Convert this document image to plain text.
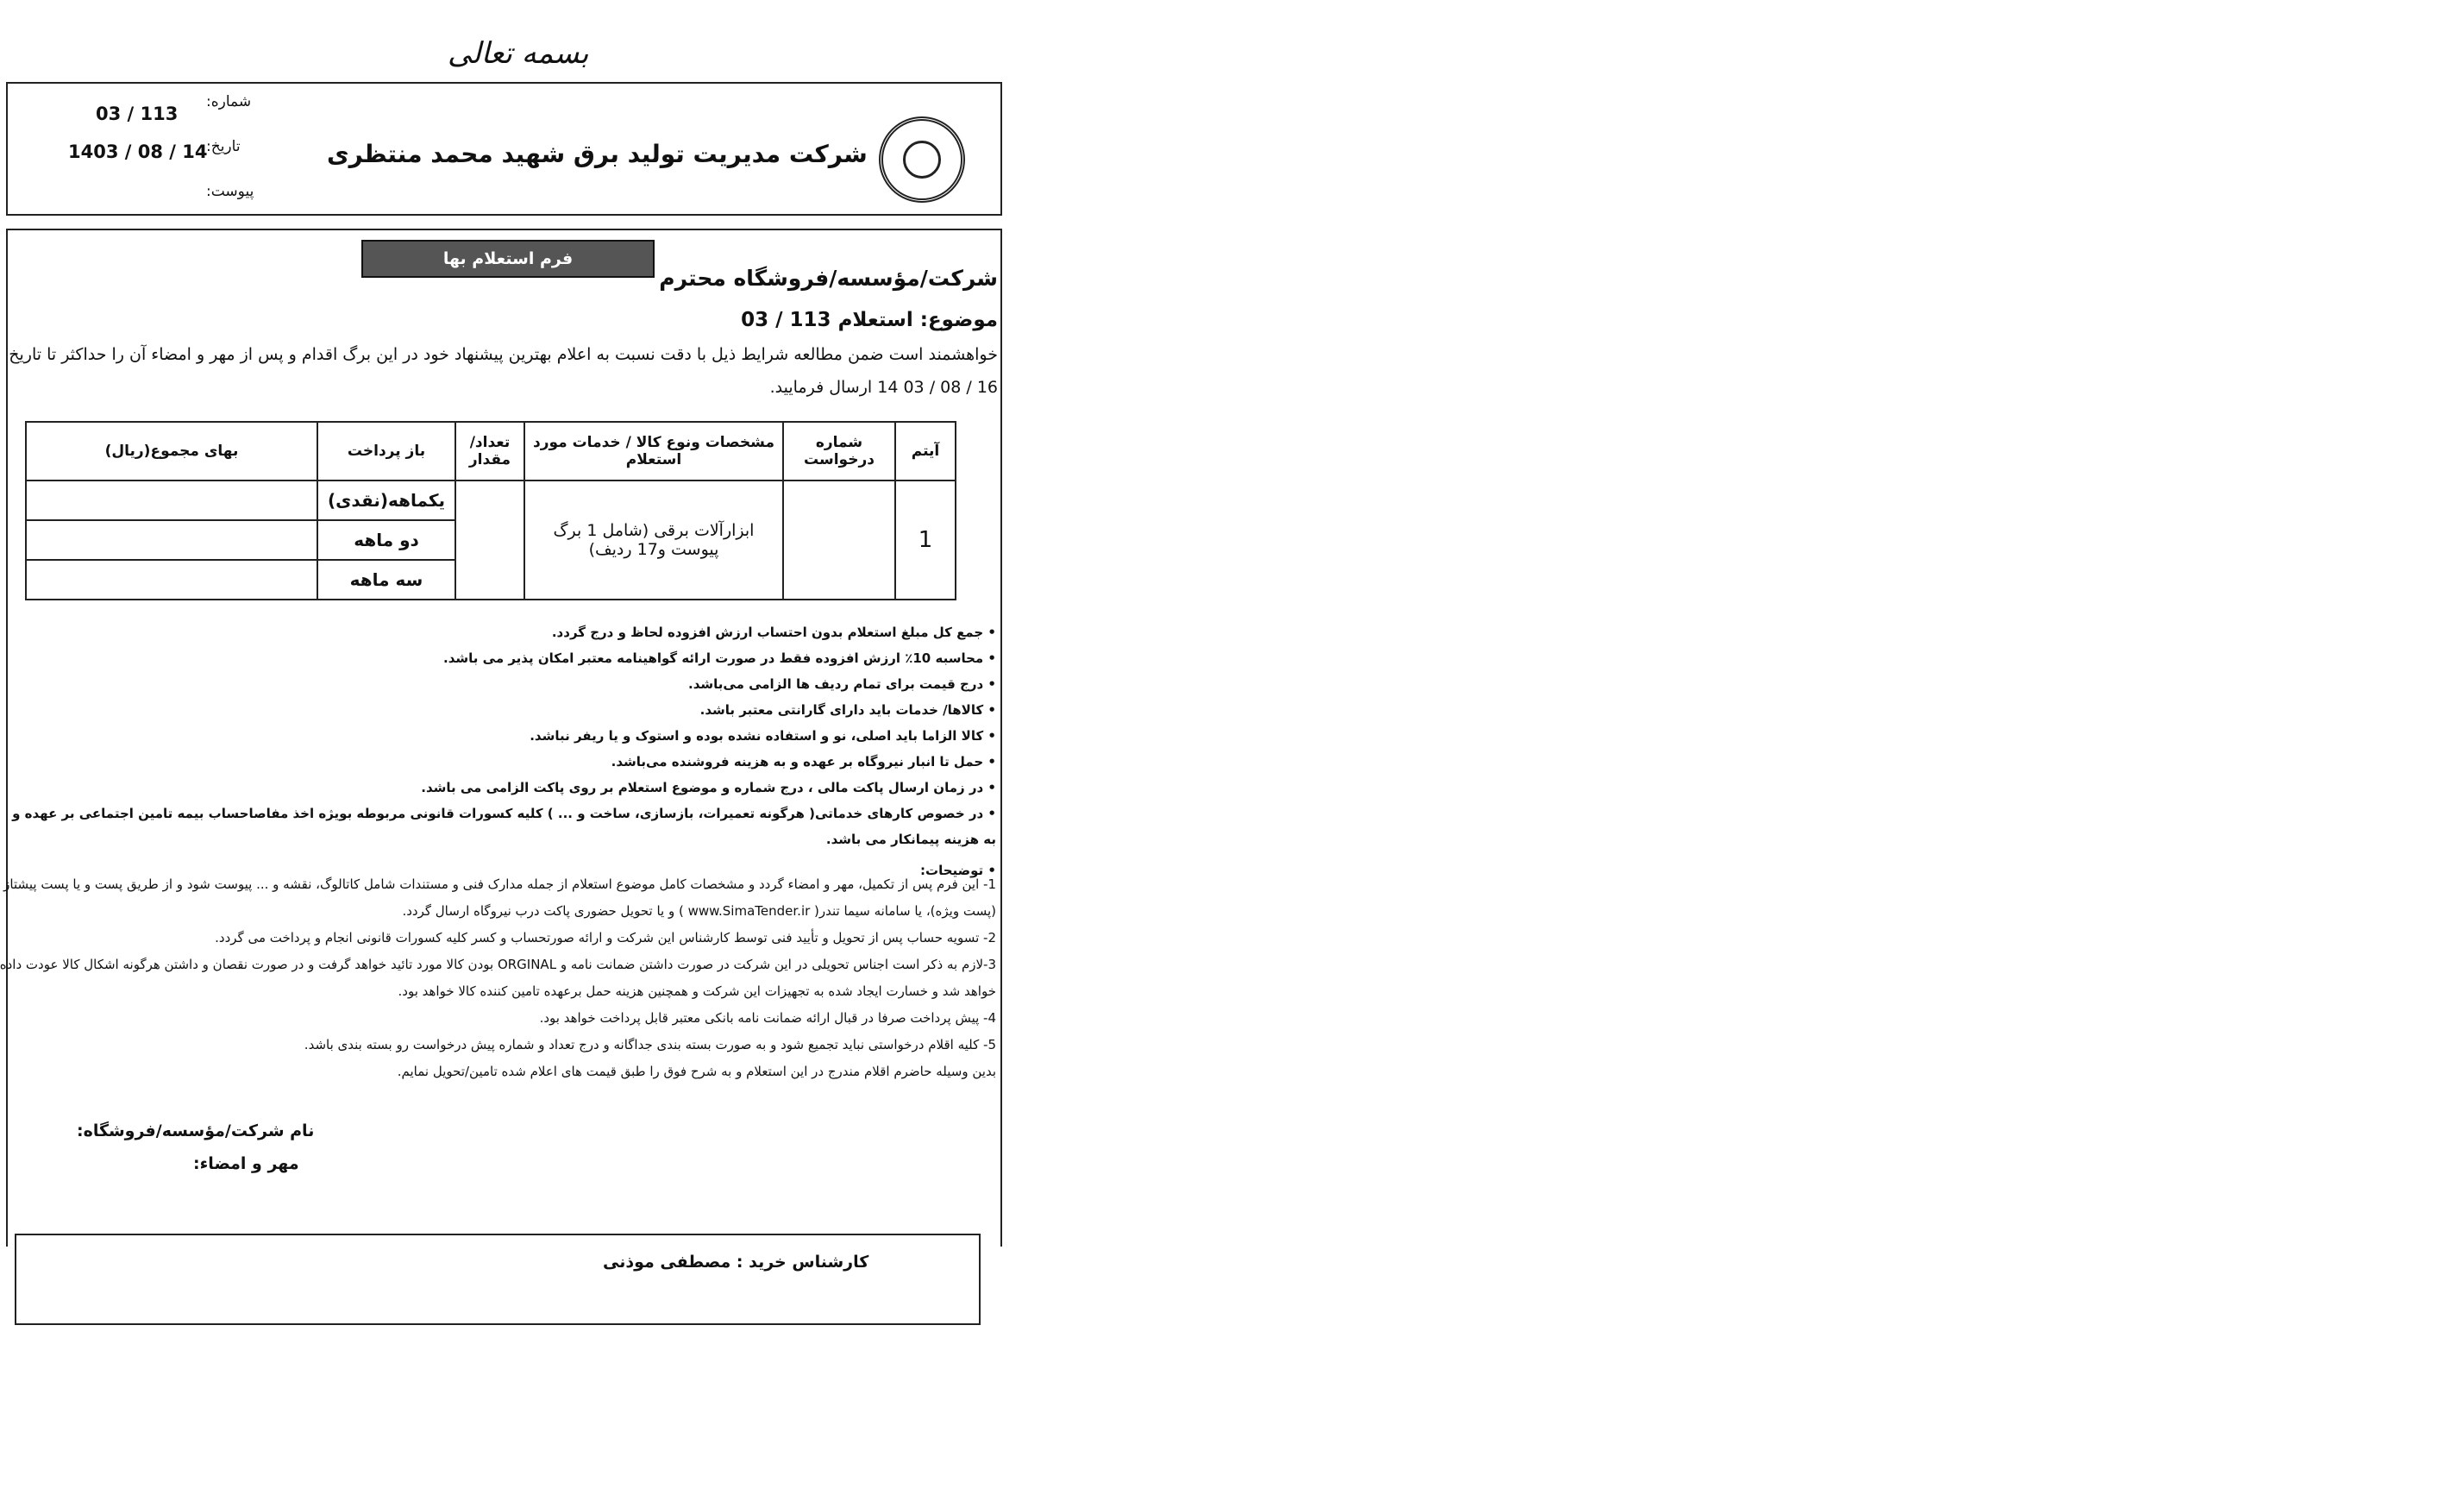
بسمه تعالی
شرکت مدیریت تولید برق شهید محمد منتظری
شماره:
03 / 113
تاریخ:
1403 / 08 / 14
پیوست:
فرم استعلام بها
شرکت/مؤسسه/فروشگاه محترم
موضوع: استعلام 113 / 03
خواهشمند است ضمن مطالعه شرایط ذیل با دقت نسبت به اعلام بهترین پیشنهاد خود در این برگ اقدام و پس از مهر و امضاء آن را حداکثر تا تاریخ 16 / 08 / 03 14 ارسال فرمایید.
آیتم	شماره درخواست	مشخصات ونوع کالا / خدمات مورد استعلام	تعداد/مقدار	باز پرداخت	بهای مجموع(ریال)
1		ابزارآلات برقی (شامل 1 برگ پیوست و17 ردیف)		یکماهه(نقدی)	
				دو ماهه	
				سه ماهه	
• جمع کل مبلغ استعلام بدون احتساب ارزش افزوده لحاظ و درج گردد.
• محاسبه 10٪ ارزش افزوده فقط در صورت ارائه گواهینامه معتبر امکان پذیر می باشد.
• درج قیمت برای تمام ردیف ها الزامی می‌باشد.
• کالاها/ خدمات باید دارای گارانتی معتبر باشد.
• کالا الزاما باید اصلی، نو و استفاده نشده بوده و استوک و یا ریفر نباشد.
• حمل تا انبار نیروگاه بر عهده و به هزینه فروشنده می‌باشد.
• در زمان ارسال پاکت مالی ، درج شماره و موضوع استعلام بر روی پاکت الزامی می باشد.
• در خصوص کارهای خدماتی( هرگونه تعمیرات، بازسازی، ساخت و ... ) کلیه کسورات قانونی مربوطه بویژه اخذ مفاصاحساب بیمه تامین اجتماعی بر عهده و به هزینه پیمانکار می باشد.
• توضیحات:
1- این فرم پس از تکمیل، مهر و امضاء گردد و مشخصات کامل موضوع استعلام از جمله مدارک فنی و مستندات شامل کاتالوگ، نقشه و ... پیوست شود و از طریق پست و یا پست پیشتاز (پست ویژه)، یا سامانه سیما تندر( www.SimaTender.ir ) و یا تحویل حضوری پاکت درب نیروگاه ارسال گردد.
2- تسویه حساب پس از تحویل و تأیید فنی توسط کارشناس این شرکت و ارائه صورتحساب و کسر کلیه کسورات قانونی انجام و پرداخت می گردد.
3-لازم به ذکر است اجناس تحویلی در این شرکت در صورت داشتن ضمانت نامه و ORGINAL بودن کالا مورد تائید خواهد گرفت و در صورت نقصان و داشتن هرگونه اشکال کالا عودت داده خواهد شد و خسارت ایجاد شده به تجهیزات این شرکت و همچنین هزینه حمل برعهده تامین کننده کالا خواهد بود.
4- پیش پرداخت صرفا در قبال ارائه ضمانت نامه بانکی معتبر قابل پرداخت خواهد بود.
5- کلیه اقلام درخواستی نباید تجمیع شود و به صورت بسته بندی جداگانه و درج تعداد و شماره پیش درخواست رو بسته بندی باشد.
بدین وسیله حاضرم اقلام مندرج در این استعلام و به شرح فوق را طبق قیمت های اعلام شده تامین/تحویل نمایم.
نام شرکت/مؤسسه/فروشگاه:
مهر و امضاء:
کارشناس خرید : مصطفی موذنی
